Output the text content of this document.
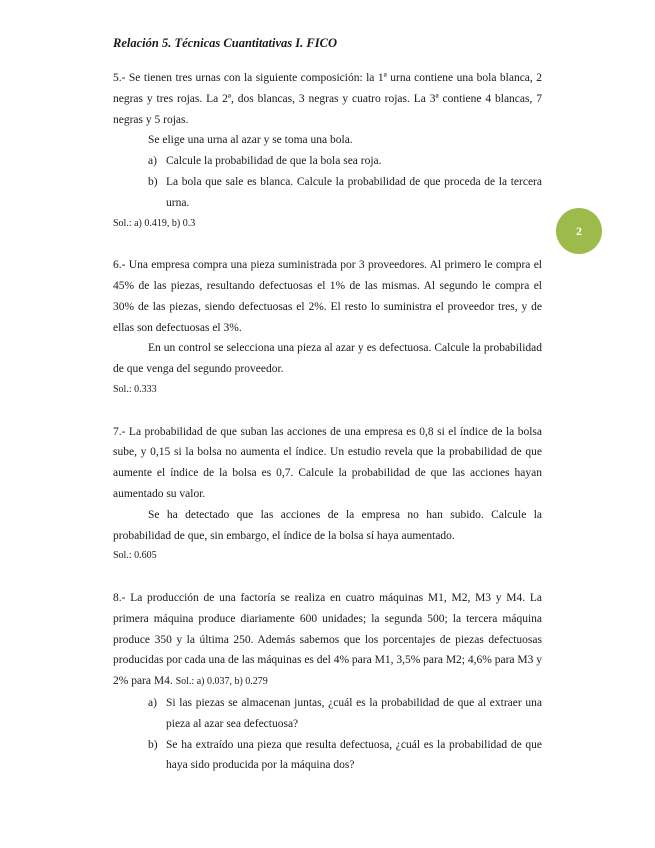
Relación 5. Técnicas Cuantitativas I. FICO
2

5.- Se tienen tres urnas con la siguiente composición: la 1ª urna contiene una bola blanca, 2 negras y tres rojas. La 2ª, dos blancas, 3 negras y cuatro rojas. La 3ª contiene 4 blancas, 7 negras y 5 rojas.

Se elige una urna al azar y se toma una bola.

a) Calcule la probabilidad de que la bola sea roja.
b) La bola que sale es blanca. Calcule la probabilidad de que proceda de la tercera urna.

Sol.: a) 0.419, b) 0.3

6.- Una empresa compra una pieza suministrada por 3 proveedores. Al primero le compra el 45% de las piezas, resultando defectuosas el 1% de las mismas. Al segundo le compra el 30% de las piezas, siendo defectuosas el 2%. El resto lo suministra el proveedor tres, y de ellas son defectuosas el 3%.

En un control se selecciona una pieza al azar y es defectuosa. Calcule la probabilidad de que venga del segundo proveedor.

Sol.: 0.333

7.- La probabilidad de que suban las acciones de una empresa es 0,8 si el índice de la bolsa sube, y 0,15 si la bolsa no aumenta el índice. Un estudio revela que la probabilidad de que aumente el índice de la bolsa es 0,7. Calcule la probabilidad de que las acciones hayan aumentado su valor.

Se ha detectado que las acciones de la empresa no han subido. Calcule la probabilidad de que, sin embargo, el índice de la bolsa sí haya aumentado.

Sol.: 0.605

8.- La producción de una factoría se realiza en cuatro máquinas M1, M2, M3 y M4. La primera máquina produce diariamente 600 unidades; la segunda 500; la tercera máquina produce 350 y la última 250. Además sabemos que los porcentajes de piezas defectuosas producidas por cada una de las máquinas es del 4% para M1, 3,5% para M2; 4,6% para M3 y 2% para M4. Sol.: a) 0.037, b) 0.279

a) Si las piezas se almacenan juntas, ¿cuál es la probabilidad de que al extraer una pieza al azar sea defectuosa?
b) Se ha extraído una pieza que resulta defectuosa, ¿cuál es la probabilidad de que haya sido producida por la máquina dos?
